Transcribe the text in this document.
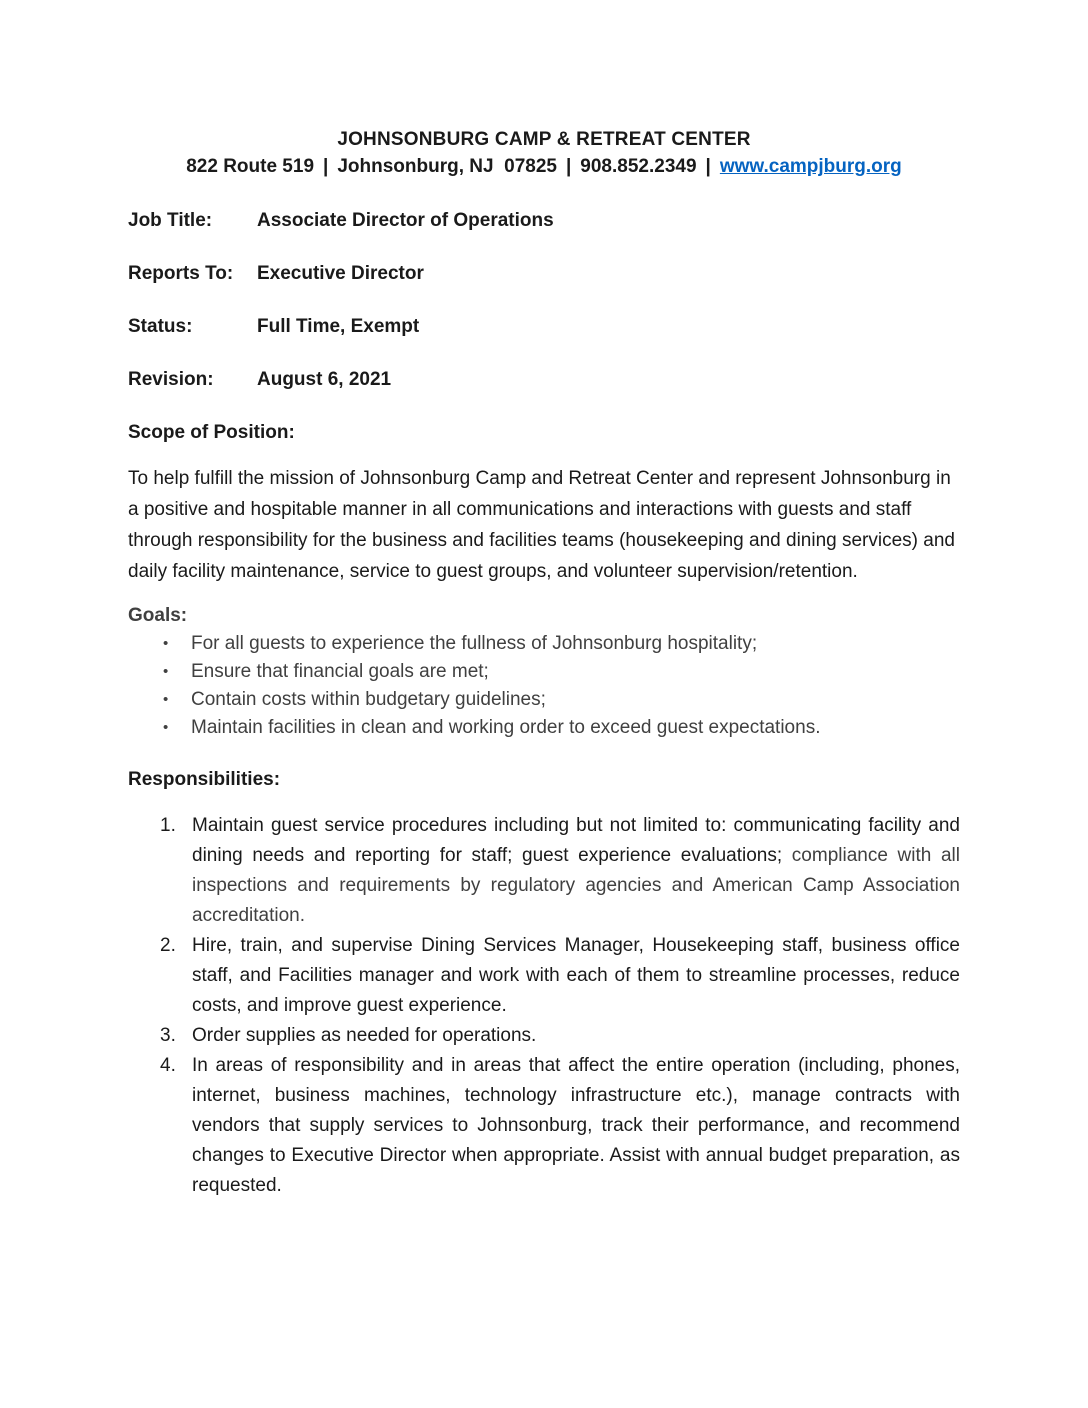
JOHNSONBURG CAMP & RETREAT CENTER
822 Route 519 | Johnsonburg, NJ  07825 | 908.852.2349 | www.campjburg.org
Job Title: Associate Director of Operations
Reports To: Executive Director
Status:	Full Time, Exempt
Revision: August 6, 2021
Scope of Position:
To help fulfill the mission of Johnsonburg Camp and Retreat Center and represent Johnsonburg in a positive and hospitable manner in all communications and interactions with guests and staff through responsibility for the business and facilities teams (housekeeping and dining services) and daily facility maintenance, service to guest groups, and volunteer supervision/retention.
Goals:
•	For all guests to experience the fullness of Johnsonburg hospitality;
•	Ensure that financial goals are met;
•	Contain costs within budgetary guidelines;
•	Maintain facilities in clean and working order to exceed guest expectations.
Responsibilities:
1. Maintain guest service procedures including but not limited to: communicating facility and dining needs and reporting for staff; guest experience evaluations; compliance with all inspections and requirements by regulatory agencies and American Camp Association accreditation.
2. Hire, train, and supervise Dining Services Manager, Housekeeping staff, business office staff, and Facilities manager and work with each of them to streamline processes, reduce costs, and improve guest experience.
3. Order supplies as needed for operations.
4. In areas of responsibility and in areas that affect the entire operation (including, phones, internet, business machines, technology infrastructure etc.), manage contracts with vendors that supply services to Johnsonburg, track their performance, and recommend changes to Executive Director when appropriate. Assist with annual budget preparation, as requested.
